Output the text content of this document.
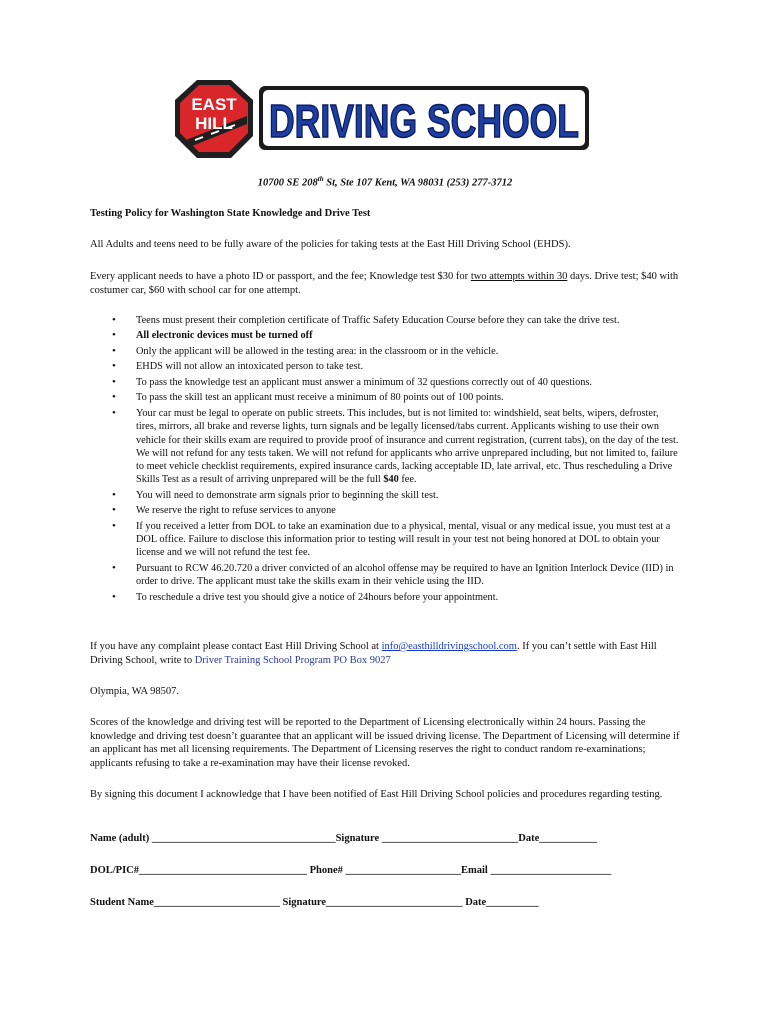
EAST
HILL DRIVING SCHOOL
10700 SE 208th St, Ste 107 Kent, WA 98031 (253) 277-3712
Testing Policy for Washington State Knowledge and Drive Test
All Adults and teens need to be fully aware of the policies for taking tests at the East Hill Driving School (EHDS).
Every applicant needs to have a photo ID or passport, and the fee; Knowledge test $30 for two attempts within 30 days. Drive test; $40 with costumer car, $60 with school car for one attempt.
• Teens must present their completion certificate of Traffic Safety Education Course before they can take the drive test.
• All electronic devices must be turned off
• Only the applicant will be allowed in the testing area: in the classroom or in the vehicle.
• EHDS will not allow an intoxicated person to take test.
• To pass the knowledge test an applicant must answer a minimum of 32 questions correctly out of 40 questions.
• To pass the skill test an applicant must receive a minimum of 80 points out of 100 points.
• Your car must be legal to operate on public streets. This includes, but is not limited to: windshield, seat belts, wipers, defroster, tires, mirrors, all brake and reverse lights, turn signals and be legally licensed/tabs current. Applicants wishing to use their own vehicle for their skills exam are required to provide proof of insurance and current registration, (current tabs), on the day of the test. We will not refund for any tests taken. We will not refund for applicants who arrive unprepared including, but not limited to, failure to meet vehicle checklist requirements, expired insurance cards, lacking acceptable ID, late arrival, etc. Thus rescheduling a Drive Skills Test as a result of arriving unprepared will be the full $40 fee.
• You will need to demonstrate arm signals prior to beginning the skill test.
• We reserve the right to refuse services to anyone
• If you received a letter from DOL to take an examination due to a physical, mental, visual or any medical issue, you must test at a DOL office. Failure to disclose this information prior to testing will result in your test not being honored at DOL to obtain your license and we will not refund the test fee.
• Pursuant to RCW 46.20.720 a driver convicted of an alcohol offense may be required to have an Ignition Interlock Device (IID) in order to drive. The applicant must take the skills exam in their vehicle using the IID.
• To reschedule a drive test you should give a notice of 24hours before your appointment.
If you have any complaint please contact East Hill Driving School at info@easthilldrivingschool.com. If you can’t settle with East Hill Driving School, write to Driver Training School Program PO Box 9027
Olympia, WA 98507.
Scores of the knowledge and driving test will be reported to the Department of Licensing electronically within 24 hours. Passing the knowledge and driving test doesn’t guarantee that an applicant will be issued driving license. The Department of Licensing will determine if an applicant has met all licensing requirements. The Department of Licensing reserves the right to conduct random re-examinations; applicants refusing to take a re-examination may have their license revoked.
By signing this document I acknowledge that I have been notified of East Hill Driving School policies and procedures regarding testing.
Name (adult) ___________________________________Signature __________________________Date___________
DOL/PIC#________________________________ Phone# ______________________Email _______________________
Student Name________________________ Signature__________________________ Date__________
